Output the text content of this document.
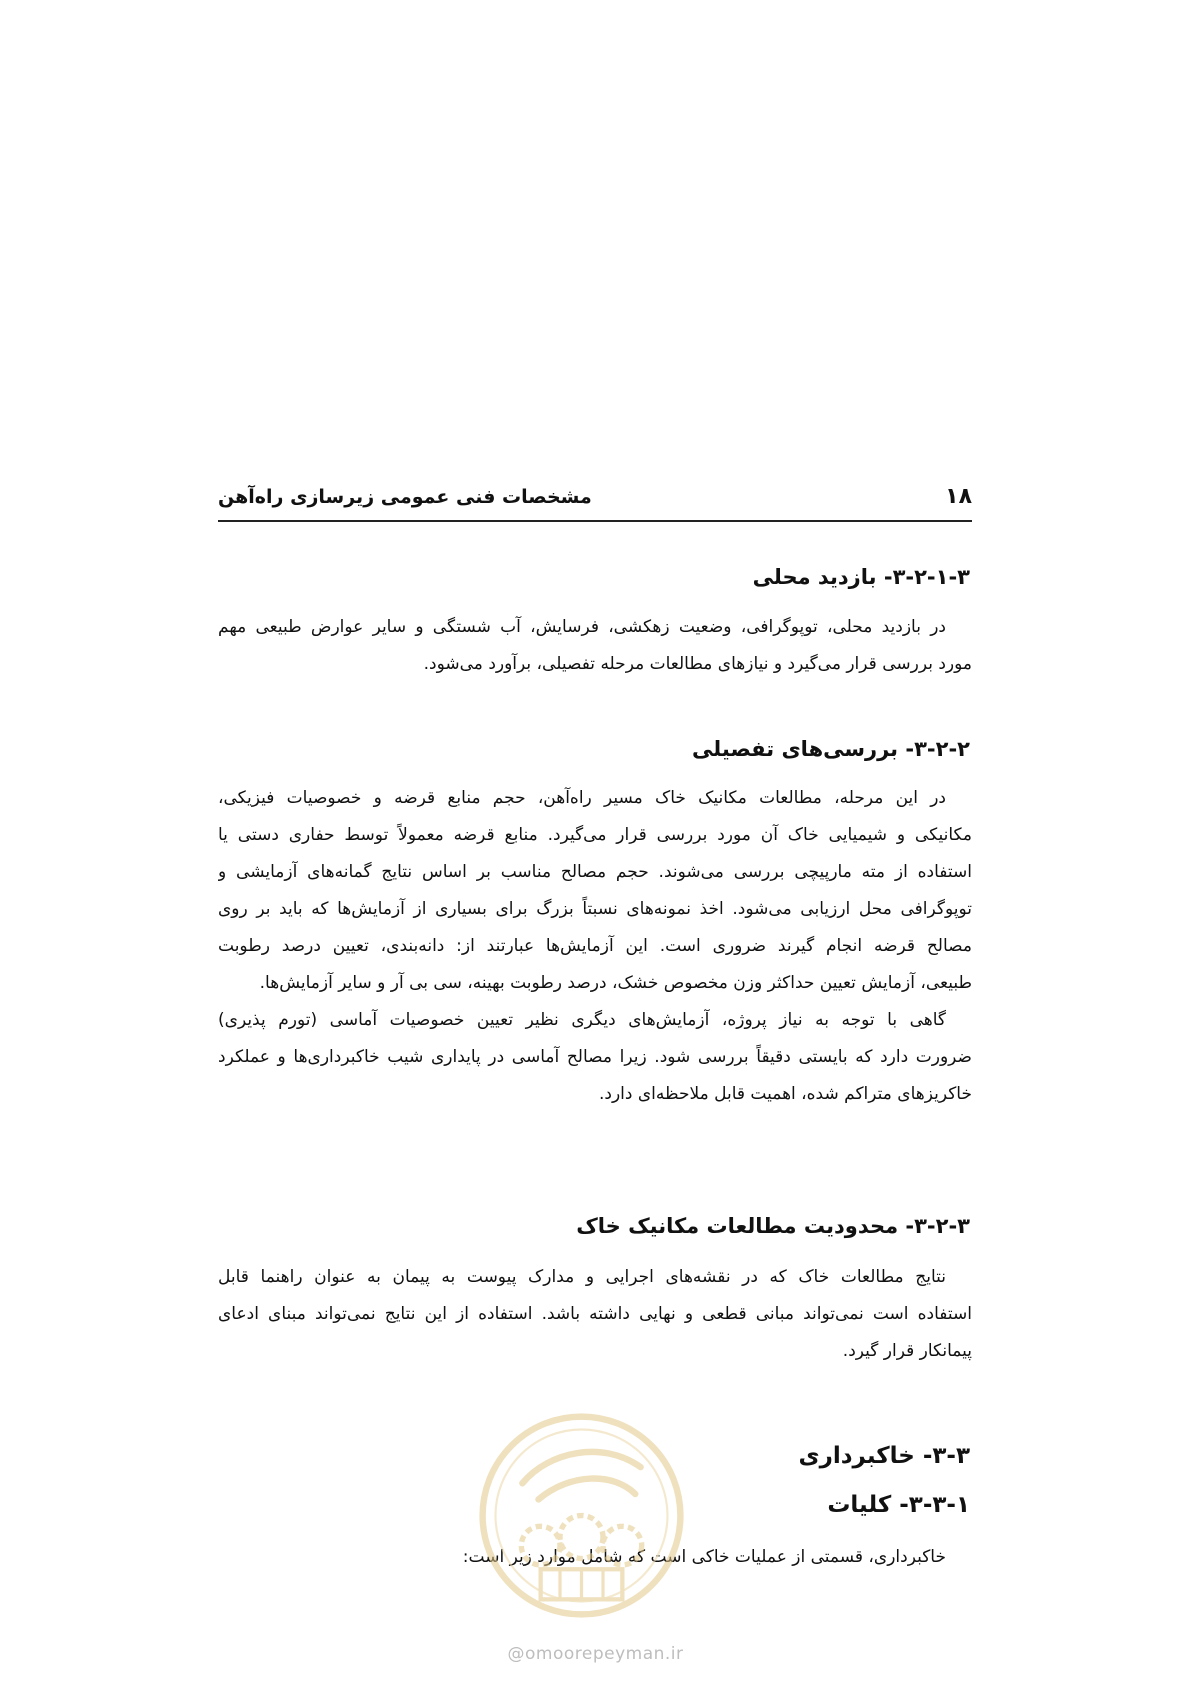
۱۸
مشخصات فنی عمومی زیرسازی راه‌آهن
۳-۲-۱-۳- بازدید محلی

در بازدید محلی، توپوگرافی، وضعیت زهکشی، فرسایش، آب شستگی و سایر عوارض طبیعی مهم
مورد بررسی قرار می‌گیرد و نیازهای مطالعات مرحله تفصیلی، برآورد می‌شود.

۳-۲-۲- بررسی‌های تفصیلی

در این مرحله، مطالعات مکانیک خاک مسیر راه‌آهن، حجم منابع قرضه و خصوصیات فیزیکی،
مکانیکی و شیمیایی خاک آن مورد بررسی قرار می‌گیرد. منابع قرضه معمولاً توسط حفاری دستی یا
استفاده از مته مارپیچی بررسی می‌شوند. حجم مصالح مناسب بر اساس نتایج گمانه‌های آزمایشی و
توپوگرافی محل ارزیابی می‌شود. اخذ نمونه‌های نسبتاً بزرگ برای بسیاری از آزمایش‌ها که باید بر روی
مصالح قرضه انجام گیرند ضروری است. این آزمایش‌ها عبارتند از: دانه‌بندی، تعیین درصد رطوبت
طبیعی، آزمایش تعیین حداکثر وزن مخصوص خشک، درصد رطوبت بهینه، سی بی آر و سایر آزمایش‌ها.

گاهی با توجه به نیاز پروژه، آزمایش‌های دیگری نظیر تعیین خصوصیات آماسی (تورم پذیری)
ضرورت دارد که بایستی دقیقاً بررسی شود. زیرا مصالح آماسی در پایداری شیب خاکبرداری‌ها و عملکرد
خاکریزهای متراکم شده، اهمیت قابل ملاحظه‌ای دارد.

۳-۲-۳- محدودیت مطالعات مکانیک خاک

نتایج مطالعات خاک که در نقشه‌های اجرایی و مدارک پیوست به پیمان به عنوان راهنما قابل
استفاده است نمی‌تواند مبانی قطعی و نهایی داشته باشد. استفاده از این نتایج نمی‌تواند مبنای ادعای
پیمانکار قرار گیرد.

۳-۳- خاکبرداری
۳-۳-۱- کلیات

خاکبرداری، قسمتی از عملیات خاکی است که شامل موارد زیر است:

@omoorepeyman.ir
